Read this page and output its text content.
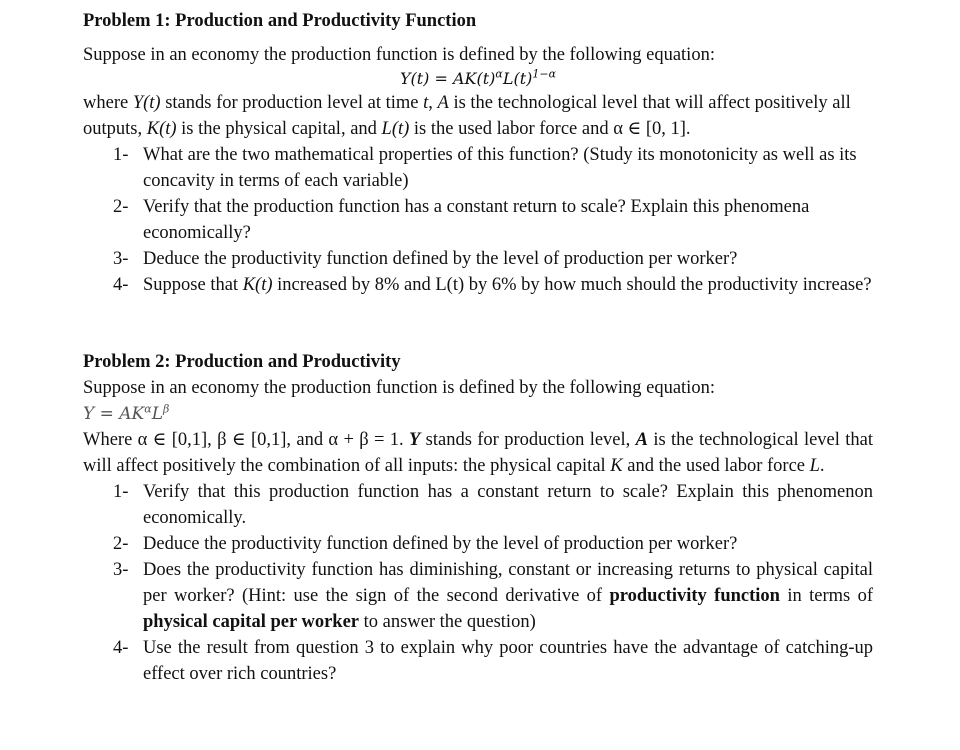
Problem 1: Production and Productivity Function

Suppose in an economy the production function is defined by the following equation:

$Y(t) = AK(t)^\alpha L(t)^{1-\alpha}$

where Y(t) stands for production level at time t, A is the technological level that will affect positively all outputs, K(t) is the physical capital, and L(t) is the used labor force and α ∈ [0, 1].

1- What are the two mathematical properties of this function? (Study its monotonicity as well as its concavity in terms of each variable)
2- Verify that the production function has a constant return to scale? Explain this phenomena economically?
3- Deduce the productivity function defined by the level of production per worker?
4- Suppose that K(t) increased by 8% and L(t) by 6% by how much should the productivity increase?

Problem 2: Production and Productivity

Suppose in an economy the production function is defined by the following equation:

$Y = AK^\alpha L^\beta$

Where α ∈ [0,1], β ∈ [0,1], and α + β = 1. Y stands for production level, A is the technological level that will affect positively the combination of all inputs: the physical capital K and the used labor force L.

1- Verify that this production function has a constant return to scale? Explain this phenomenon economically.
2- Deduce the productivity function defined by the level of production per worker?
3- Does the productivity function has diminishing, constant or increasing returns to physical capital per worker? (Hint: use the sign of the second derivative of productivity function in terms of physical capital per worker to answer the question)
4- Use the result from question 3 to explain why poor countries have the advantage of catching-up effect over rich countries?
